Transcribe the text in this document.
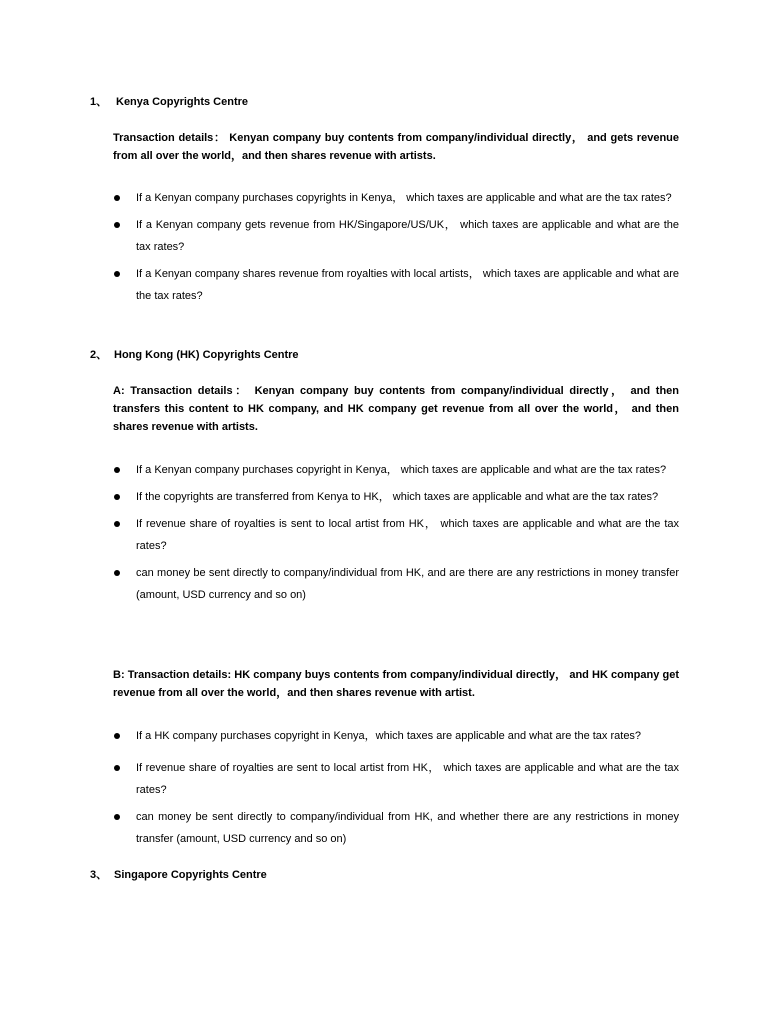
1、 Kenya Copyrights Centre
Transaction details： Kenyan company buy contents from company/individual directly， and gets revenue from all over the world，and then shares revenue with artists.
If a Kenyan company purchases copyrights in Kenya， which taxes are applicable and what are the tax rates?
If a Kenyan company gets revenue from HK/Singapore/US/UK， which taxes are applicable and what are the tax rates?
If a Kenyan company shares revenue from royalties with local artists， which taxes are applicable and what are the tax rates?
2、 Hong Kong (HK) Copyrights Centre
A: Transaction details： Kenyan company buy contents from company/individual directly， and then transfers this content to HK company, and HK company get revenue from all over the world， and then shares revenue with artists.
If a Kenyan company purchases copyright in Kenya， which taxes are applicable and what are the tax rates?
If the copyrights are transferred from Kenya to HK， which taxes are applicable and what are the tax rates?
If revenue share of royalties is sent to local artist from HK， which taxes are applicable and what are the tax rates?
can money be sent directly to company/individual from HK, and are there are any restrictions in money transfer (amount, USD currency and so on)
B: Transaction details: HK company buys contents from company/individual directly， and HK company get revenue from all over the world，and then shares revenue with artist.
If a HK company purchases copyright in Kenya，which taxes are applicable and what are the tax rates?
If revenue share of royalties are sent to local artist from HK， which taxes are applicable and what are the tax rates?
can money be sent directly to company/individual from HK, and whether there are any restrictions in money transfer (amount, USD currency and so on)
3、 Singapore Copyrights Centre
